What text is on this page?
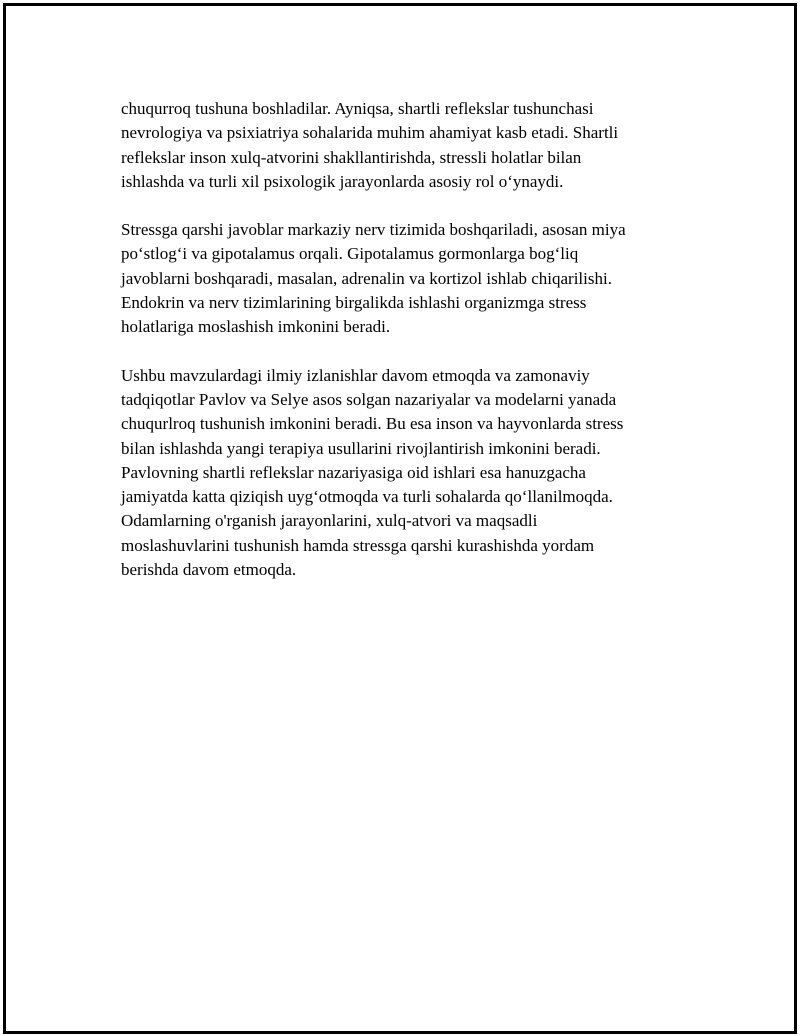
chuqurroq tushuna boshladilar. Ayniqsa, shartli reflekslar tushunchasi
nevrologiya va psixiatriya sohalarida muhim ahamiyat kasb etadi. Shartli
reflekslar inson xulq-atvorini shakllantirishda, stressli holatlar bilan
ishlashda va turli xil psixologik jarayonlarda asosiy rol o‘ynaydi.

Stressga qarshi javoblar markaziy nerv tizimida boshqariladi, asosan miya
po‘stlog‘i va gipotalamus orqali. Gipotalamus gormonlarga bog‘liq
javoblarni boshqaradi, masalan, adrenalin va kortizol ishlab chiqarilishi.
Endokrin va nerv tizimlarining birgalikda ishlashi organizmga stress
holatlariga moslashish imkonini beradi.

Ushbu mavzulardagi ilmiy izlanishlar davom etmoqda va zamonaviy
tadqiqotlar Pavlov va Selye asos solgan nazariyalar va modelarni yanada
chuqurlroq tushunish imkonini beradi. Bu esa inson va hayvonlarda stress
bilan ishlashda yangi terapiya usullarini rivojlantirish imkonini beradi.
Pavlovning shartli reflekslar nazariyasiga oid ishlari esa hanuzgacha
jamiyatda katta qiziqish uyg‘otmoqda va turli sohalarda qo‘llanilmoqda.
Odamlarning o'rganish jarayonlarini, xulq-atvori va maqsadli
moslashuvlarini tushunish hamda stressga qarshi kurashishda yordam
berishda davom etmoqda.
